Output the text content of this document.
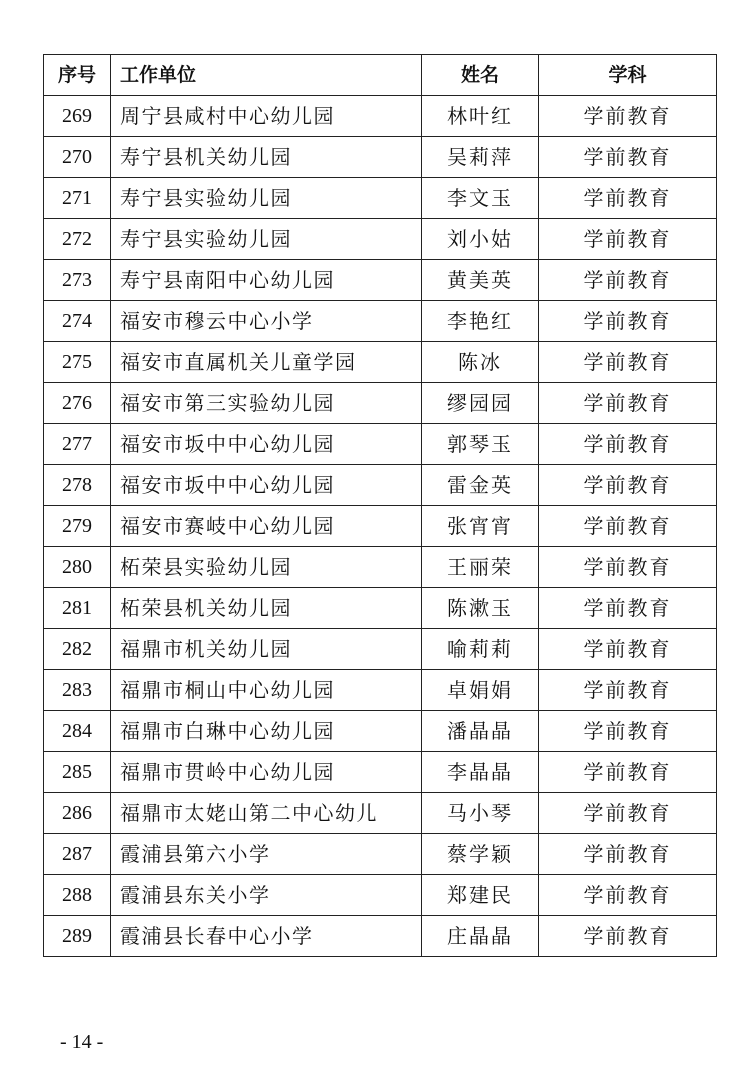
序号	工作单位	姓名	学科
269	周宁县咸村中心幼儿园	林叶红	学前教育
270	寿宁县机关幼儿园	吴莉萍	学前教育
271	寿宁县实验幼儿园	李文玉	学前教育
272	寿宁县实验幼儿园	刘小姑	学前教育
273	寿宁县南阳中心幼儿园	黄美英	学前教育
274	福安市穆云中心小学	李艳红	学前教育
275	福安市直属机关儿童学园	陈冰	学前教育
276	福安市第三实验幼儿园	缪园园	学前教育
277	福安市坂中中心幼儿园	郭琴玉	学前教育
278	福安市坂中中心幼儿园	雷金英	学前教育
279	福安市赛岐中心幼儿园	张宵宵	学前教育
280	柘荣县实验幼儿园	王丽荣	学前教育
281	柘荣县机关幼儿园	陈漱玉	学前教育
282	福鼎市机关幼儿园	喻莉莉	学前教育
283	福鼎市桐山中心幼儿园	卓娟娟	学前教育
284	福鼎市白琳中心幼儿园	潘晶晶	学前教育
285	福鼎市贯岭中心幼儿园	李晶晶	学前教育
286	福鼎市太姥山第二中心幼儿	马小琴	学前教育
287	霞浦县第六小学	蔡学颖	学前教育
288	霞浦县东关小学	郑建民	学前教育
289	霞浦县长春中心小学	庄晶晶	学前教育
- 14 -
